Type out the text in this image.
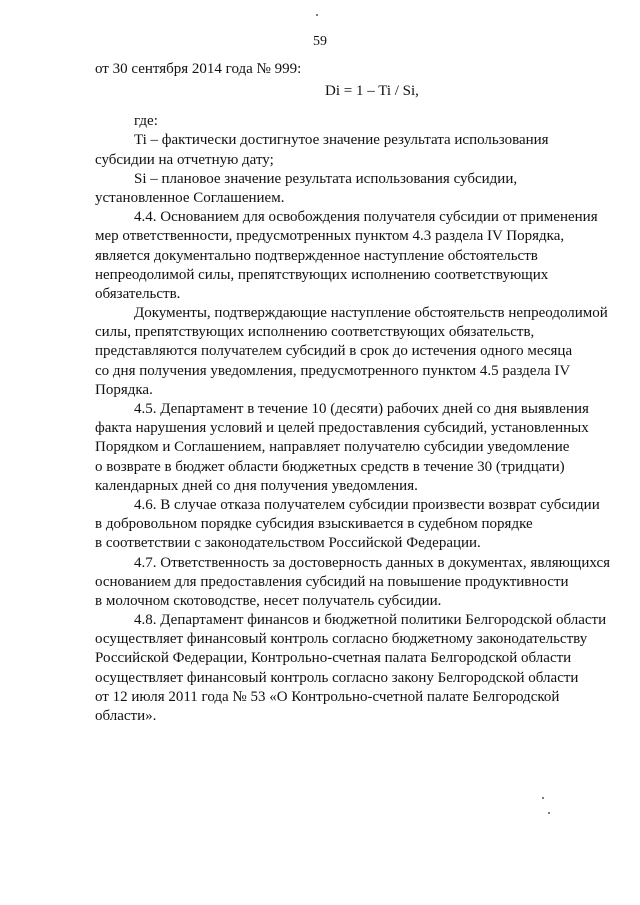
59
Di = 1 – Ti / Si,
от 30 сентября 2014 года № 999:
где:
Ti – фактически достигнутое значение результата использования
субсидии на отчетную дату;
Si – плановое значение результата использования субсидии,
установленное Соглашением.
4.4. Основанием для освобождения получателя субсидии от применения
мер ответственности, предусмотренных пунктом 4.3 раздела IV Порядка,
является документально подтвержденное наступление обстоятельств
непреодолимой силы, препятствующих исполнению соответствующих
обязательств.
Документы, подтверждающие наступление обстоятельств непреодолимой
силы, препятствующих исполнению соответствующих обязательств,
представляются получателем субсидий в срок до истечения одного месяца
со дня получения уведомления, предусмотренного пунктом 4.5 раздела IV
Порядка.
4.5. Департамент в течение 10 (десяти) рабочих дней со дня выявления
факта нарушения условий и целей предоставления субсидий, установленных
Порядком и Соглашением, направляет получателю субсидии уведомление
о возврате в бюджет области бюджетных средств в течение 30 (тридцати)
календарных дней со дня получения уведомления.
4.6. В случае отказа получателем субсидии произвести возврат субсидии
в добровольном порядке субсидия взыскивается в судебном порядке
в соответствии с законодательством Российской Федерации.
4.7. Ответственность за достоверность данных в документах, являющихся
основанием для предоставления субсидий на повышение продуктивности
в молочном скотоводстве, несет получатель субсидии.
4.8. Департамент финансов и бюджетной политики Белгородской области
осуществляет финансовый контроль согласно бюджетному законодательству
Российской Федерации, Контрольно-счетная палата Белгородской области
осуществляет финансовый контроль согласно закону Белгородской области
от 12 июля 2011 года № 53 «О Контрольно-счетной палате Белгородской
области».
